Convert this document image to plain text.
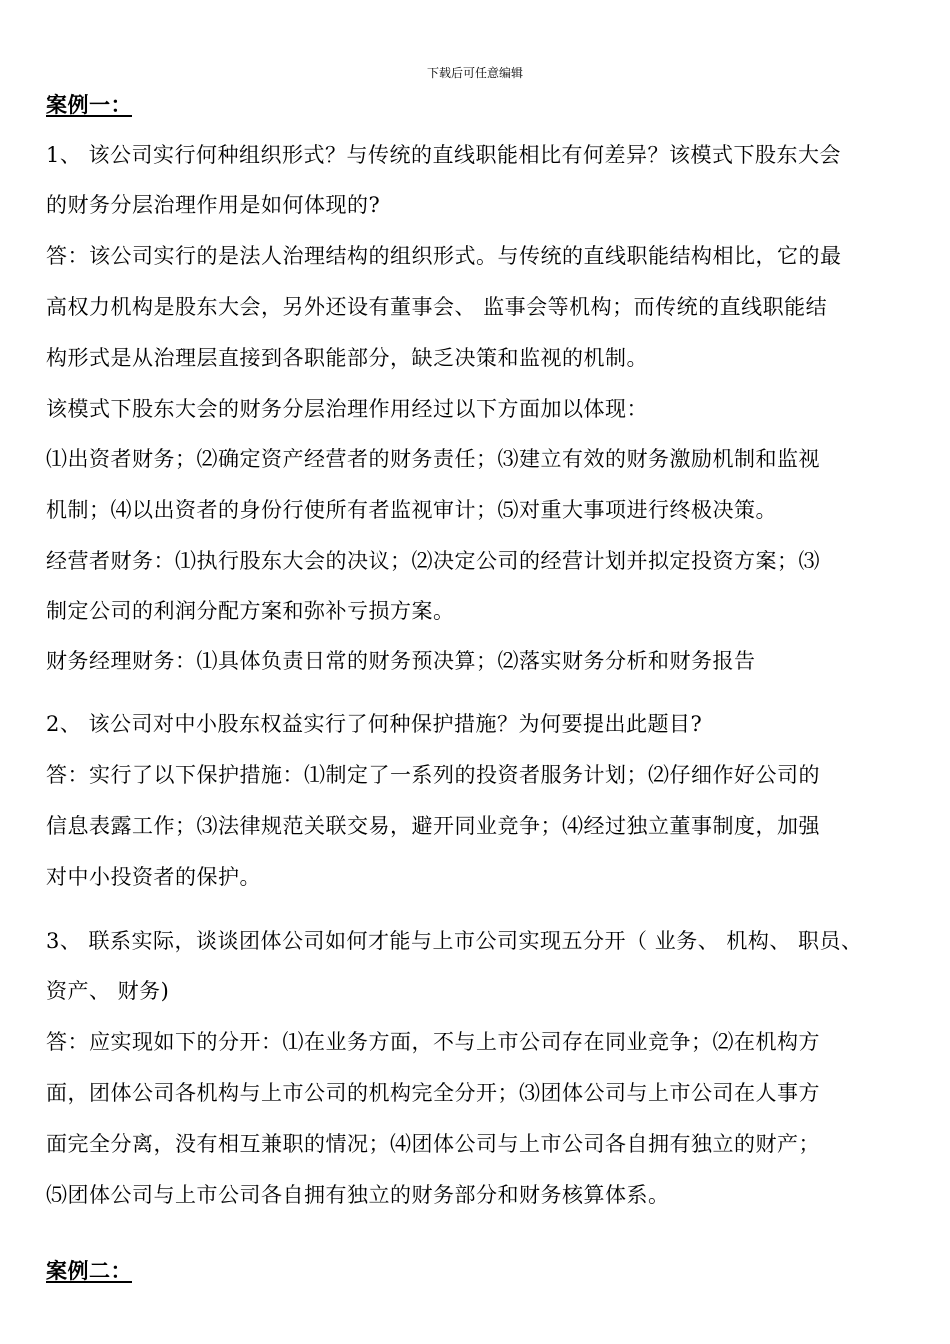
下载后可任意编辑
案例一：
1、 该公司实行何种组织形式？与传统的直线职能相比有何差异？该模式下股东大会
的财务分层治理作用是如何体现的?
答：该公司实行的是法人治理结构的组织形式。与传统的直线职能结构相比，它的最
高权力机构是股东大会，另外还设有董事会、 监事会等机构；而传统的直线职能结
构形式是从治理层直接到各职能部分，缺乏决策和监视的机制。
该模式下股东大会的财务分层治理作用经过以下方面加以体现：
⑴出资者财务；⑵确定资产经营者的财务责任；⑶建立有效的财务激励机制和监视
机制；⑷以出资者的身份行使所有者监视审计；⑸对重大事项进行终极决策。
经营者财务：⑴执行股东大会的决议；⑵决定公司的经营计划并拟定投资方案；⑶
制定公司的利润分配方案和弥补亏损方案。
财务经理财务：⑴具体负责日常的财务预决算；⑵落实财务分析和财务报告
2、 该公司对中小股东权益实行了何种保护措施？为何要提出此题目?
答：实行了以下保护措施：⑴制定了一系列的投资者服务计划；⑵仔细作好公司的
信息表露工作；⑶法律规范关联交易，避开同业竞争；⑷经过独立董事制度，加强
对中小投资者的保护。
3、 联系实际，谈谈团体公司如何才能与上市公司实现五分开（ 业务、 机构、 职员、
资产、 财务)
答：应实现如下的分开：⑴在业务方面，不与上市公司存在同业竞争；⑵在机构方
面，团体公司各机构与上市公司的机构完全分开；⑶团体公司与上市公司在人事方
面完全分离，没有相互兼职的情况；⑷团体公司与上市公司各自拥有独立的财产；
⑸团体公司与上市公司各自拥有独立的财务部分和财务核算体系。
案例二：
